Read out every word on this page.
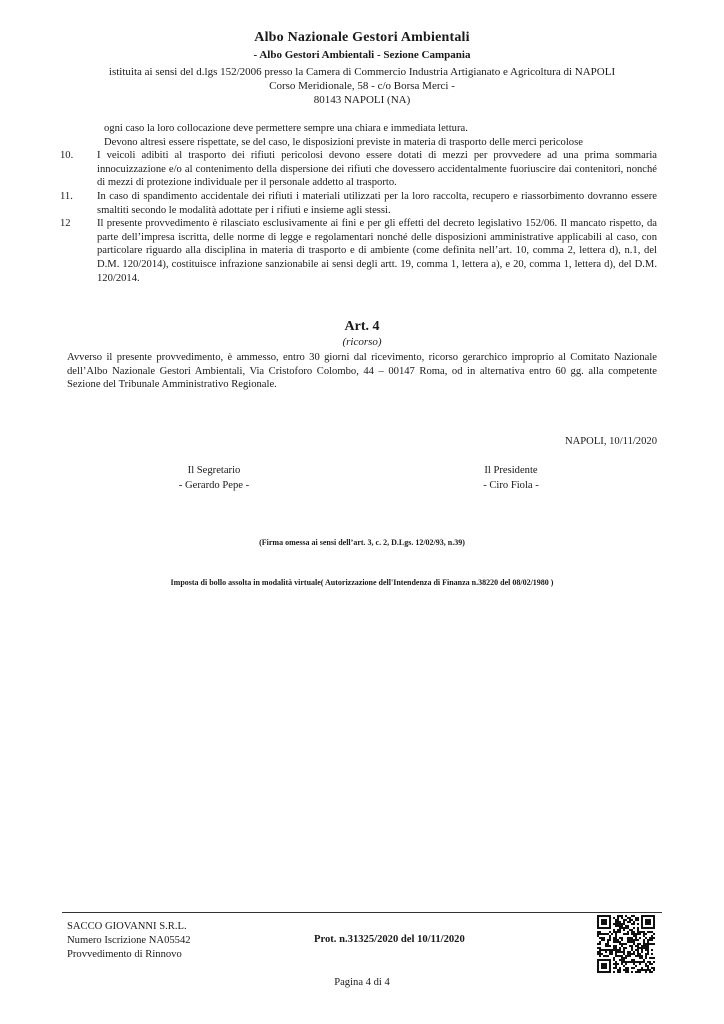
Albo Nazionale Gestori Ambientali
- Albo Gestori Ambientali - Sezione Campania
istituita ai sensi del d.lgs 152/2006 presso la Camera di Commercio Industria Artigianato e Agricoltura di NAPOLI
Corso Meridionale, 58 - c/o Borsa Merci -
80143 NAPOLI (NA)

ogni caso la loro collocazione deve permettere sempre una chiara e immediata lettura.

Devono altresì essere rispettate, se del caso, le disposizioni previste in materia di trasporto delle merci pericolose

10. I veicoli adibiti al trasporto dei rifiuti pericolosi devono essere dotati di mezzi per provvedere ad una prima sommaria innocuizzazione e/o al contenimento della dispersione dei rifiuti che dovessero accidentalmente fuoriuscire dai contenitori, nonché di mezzi di protezione individuale per il personale addetto al trasporto.

11. In caso di spandimento accidentale dei rifiuti i materiali utilizzati per la loro raccolta, recupero e riassorbimento dovranno essere smaltiti secondo le modalità adottate per i rifiuti e insieme agli stessi.

12 Il presente provvedimento è rilasciato esclusivamente ai fini e per gli effetti del decreto legislativo 152/06. Il mancato rispetto, da parte dell’impresa iscritta, delle norme di legge e regolamentari nonché delle disposizioni amministrative applicabili al caso, con particolare riguardo alla disciplina in materia di trasporto e di ambiente (come definita nell’art. 10, comma 2, lettera d), n.1, del D.M. 120/2014), costituisce infrazione sanzionabile ai sensi degli artt. 19, comma 1, lettera a), e 20, comma 1, lettera d), del D.M. 120/2014.

Art. 4
(ricorso)

Avverso il presente provvedimento, è ammesso, entro 30 giorni dal ricevimento, ricorso gerarchico improprio al Comitato Nazionale dell’Albo Nazionale Gestori Ambientali, Via Cristoforo Colombo, 44 – 00147 Roma, od in alternativa entro 60 gg. alla competente Sezione del Tribunale Amministrativo Regionale.

NAPOLI, 10/11/2020
Il Segretario
- Gerardo Pepe -
Il Presidente
- Ciro Fiola -
(Firma omessa ai sensi dell’art. 3, c. 2, D.Lgs. 12/02/93, n.39)
Imposta di bollo assolta in modalità virtuale( Autorizzazione dell'Intendenza di Finanza n.38220 del 08/02/1980 )
SACCO GIOVANNI S.R.L.
Numero Iscrizione NA05542
Provvedimento di Rinnovo
Prot. n.31325/2020 del 10/11/2020
Pagina 4 di 4
